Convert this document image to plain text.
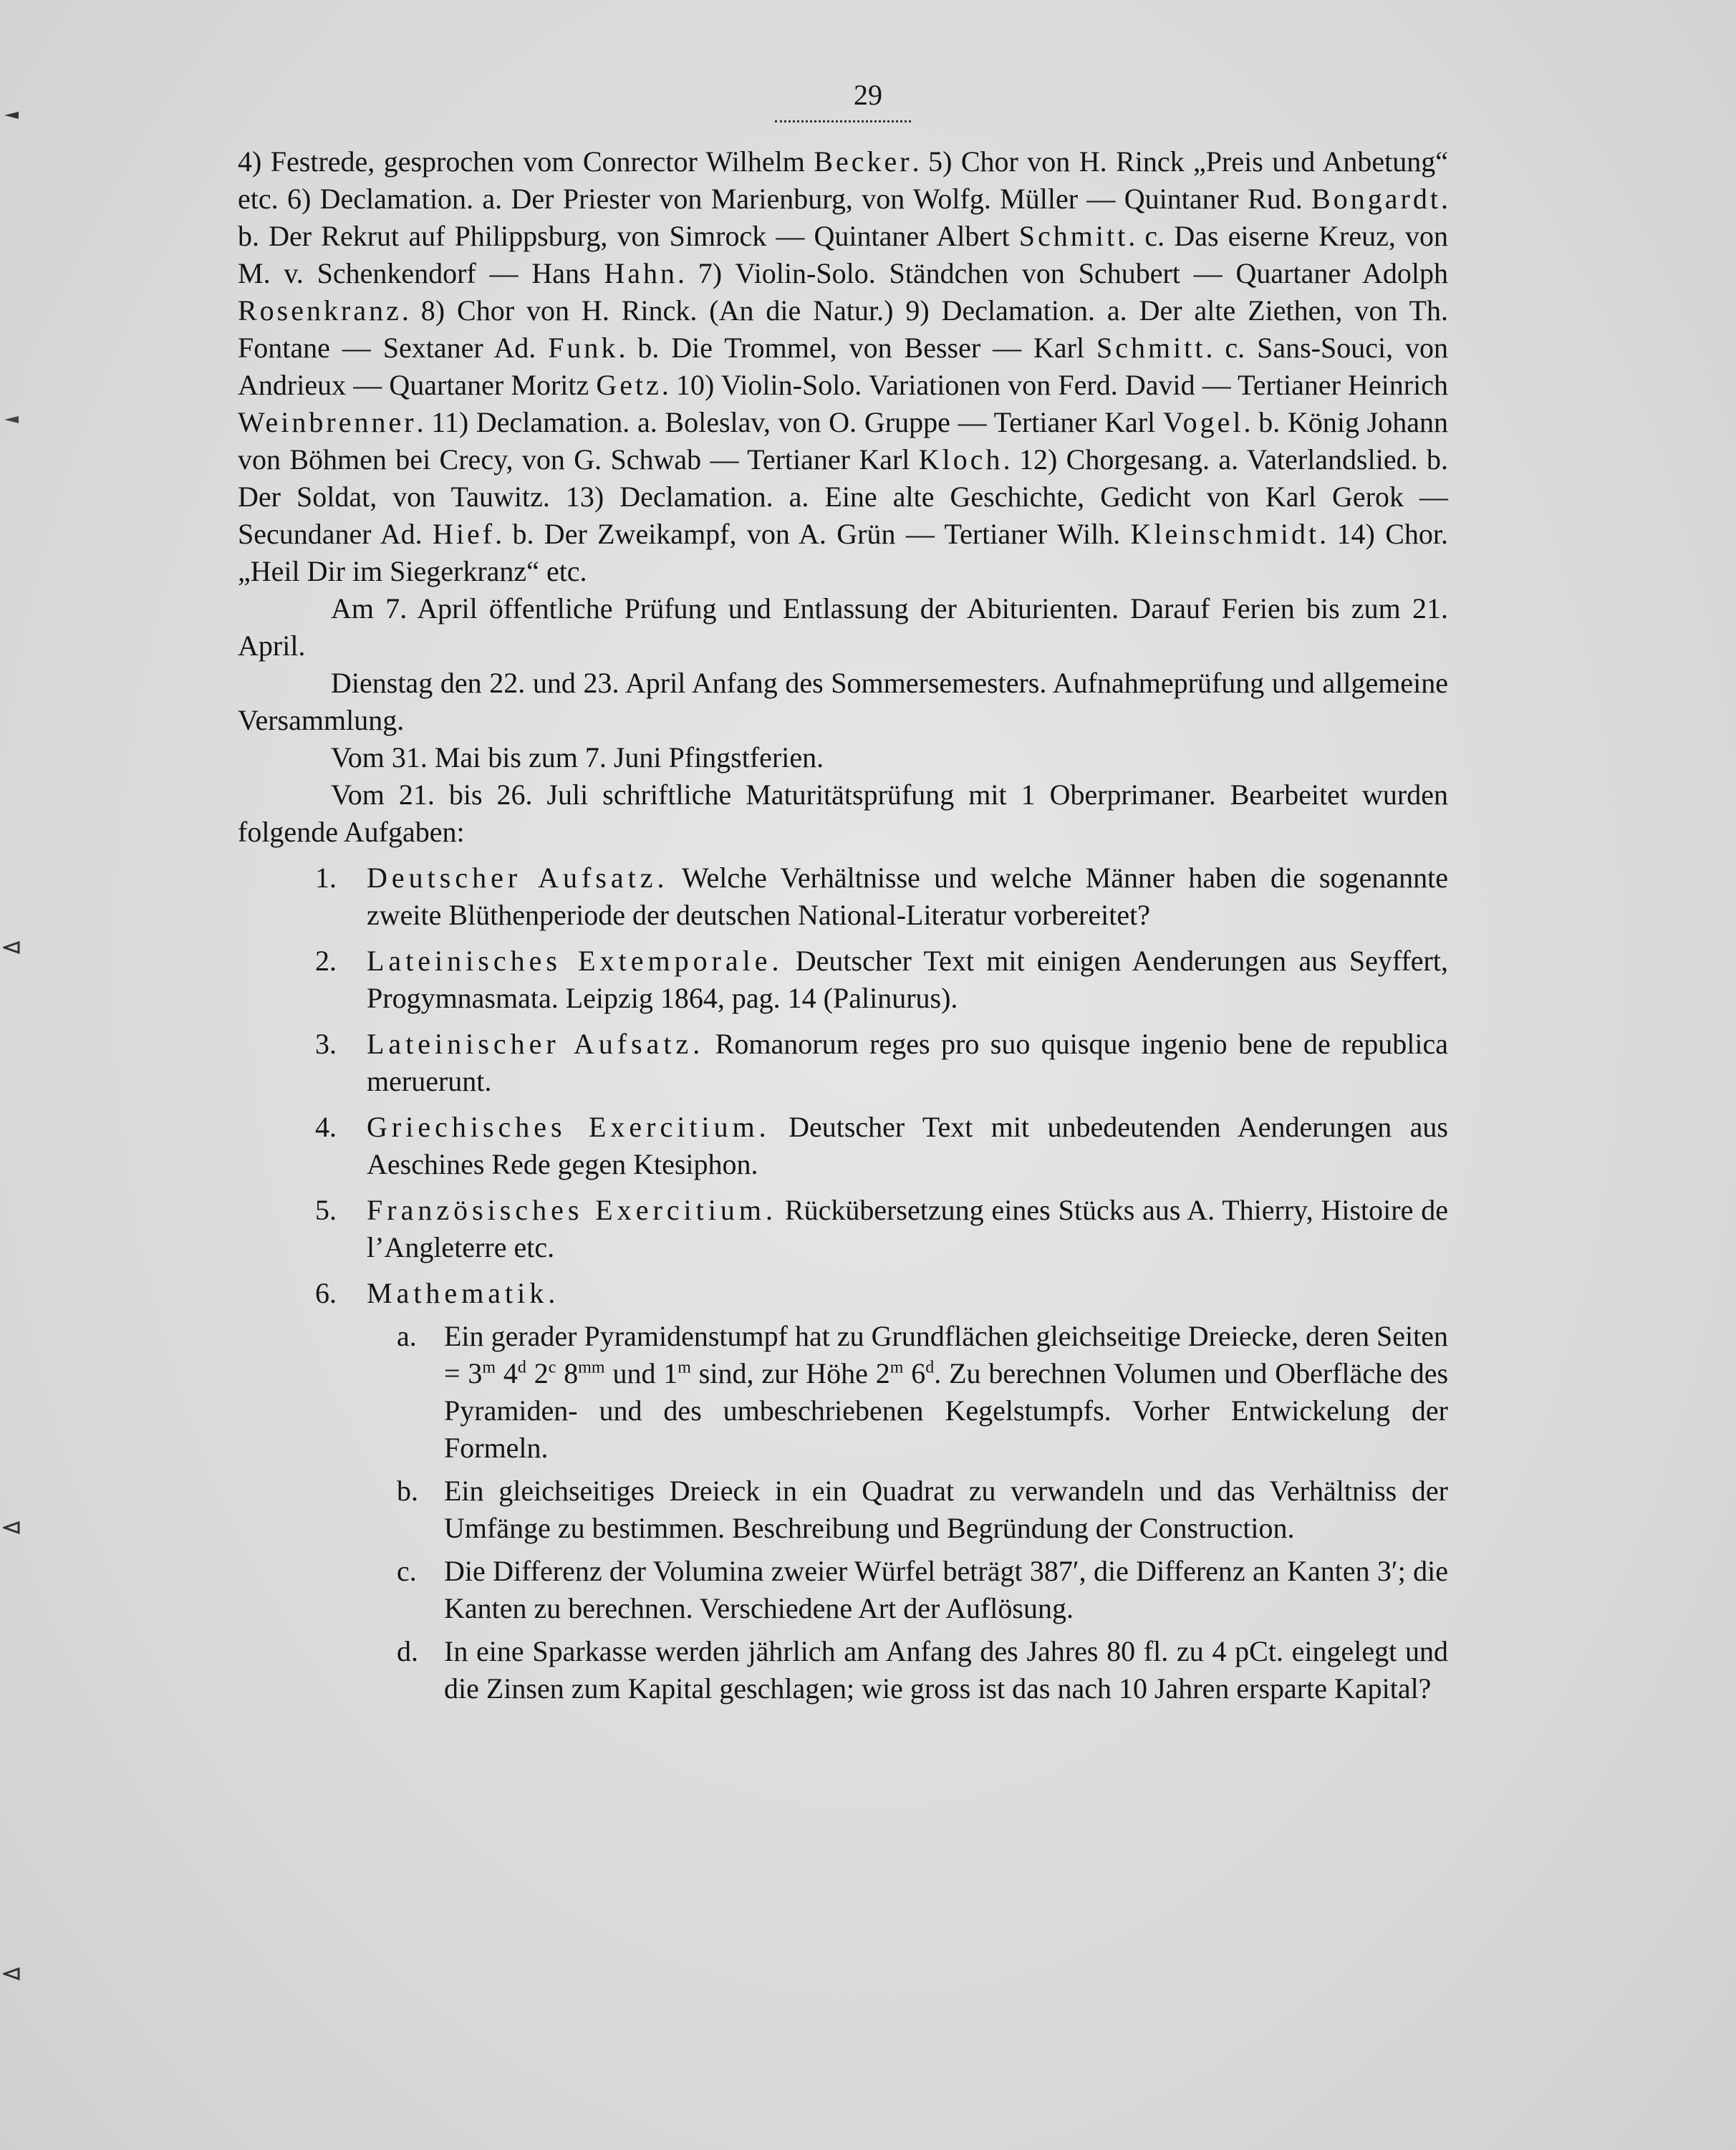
29

4) Festrede, gesprochen vom Conrector Wilhelm Becker. 5) Chor von H. Rinck „Preis und Anbetung“ etc. 6) Declamation. a. Der Priester von Marienburg, von Wolfg. Müller — Quintaner Rud. Bongardt. b. Der Rekrut auf Philippsburg, von Simrock — Quintaner Albert Schmitt. c. Das eiserne Kreuz, von M. v. Schenkendorf — Hans Hahn. 7) Violin-Solo. Ständchen von Schubert — Quartaner Adolph Rosenkranz. 8) Chor von H. Rinck. (An die Natur.) 9) Declamation. a. Der alte Ziethen, von Th. Fontane — Sextaner Ad. Funk. b. Die Trommel, von Besser — Karl Schmitt. c. Sans-Souci, von Andrieux — Quartaner Moritz Getz. 10) Violin-Solo. Variationen von Ferd. David — Tertianer Heinrich Weinbrenner. 11) Declamation. a. Boleslav, von O. Gruppe — Tertianer Karl Vogel. b. König Johann von Böhmen bei Crecy, von G. Schwab — Tertianer Karl Kloch. 12) Chorgesang. a. Vaterlandslied. b. Der Soldat, von Tauwitz. 13) Declamation. a. Eine alte Geschichte, Gedicht von Karl Gerok — Secundaner Ad. Hief. b. Der Zweikampf, von A. Grün — Tertianer Wilh. Kleinschmidt. 14) Chor. „Heil Dir im Siegerkranz“ etc.

Am 7. April öffentliche Prüfung und Entlassung der Abiturienten. Darauf Ferien bis zum 21. April.

Dienstag den 22. und 23. April Anfang des Sommersemesters. Aufnahmeprüfung und allgemeine Versammlung.

Vom 31. Mai bis zum 7. Juni Pfingstferien.

Vom 21. bis 26. Juli schriftliche Maturitätsprüfung mit 1 Oberprimaner. Bearbeitet wurden folgende Aufgaben:

1. Deutscher Aufsatz. Welche Verhältnisse und welche Männer haben die sogenannte zweite Blüthenperiode der deutschen National-Literatur vorbereitet?
2. Lateinisches Extemporale. Deutscher Text mit einigen Aenderungen aus Seyffert, Progymnasmata. Leipzig 1864, pag. 14 (Palinurus).
3. Lateinischer Aufsatz. Romanorum reges pro suo quisque ingenio bene de republica meruerunt.
4. Griechisches Exercitium. Deutscher Text mit unbedeutenden Aenderungen aus Aeschines Rede gegen Ktesiphon.
5. Französisches Exercitium. Rückübersetzung eines Stücks aus A. Thierry, Histoire de l’Angleterre etc.
6. Mathematik.
a. Ein gerader Pyramidenstumpf hat zu Grundflächen gleichseitige Dreiecke, deren Seiten = $3^m$ 4$^d$ 2$^c$ $8^{mm}$ und 1$^m$ sind, zur Höhe 2$^m$ 6$^d$. Zu berechnen Volumen und Oberfläche des Pyramiden- und des umbeschriebenen Kegelstumpfs. Vorher Entwickelung der Formeln.
b. Ein gleichseitiges Dreieck in ein Quadrat zu verwandeln und das Verhältniss der Umfänge zu bestimmen. Beschreibung und Begründung der Construction.
c. Die Differenz der Volumina zweier Würfel beträgt 387′, die Differenz an Kanten 3′; die Kanten zu berechnen. Verschiedene Art der Auflösung.
d. In eine Sparkasse werden jährlich am Anfang des Jahres 80 fl. zu 4 pCt. eingelegt und die Zinsen zum Kapital geschlagen; wie gross ist das nach 10 Jahren ersparte Kapital?
